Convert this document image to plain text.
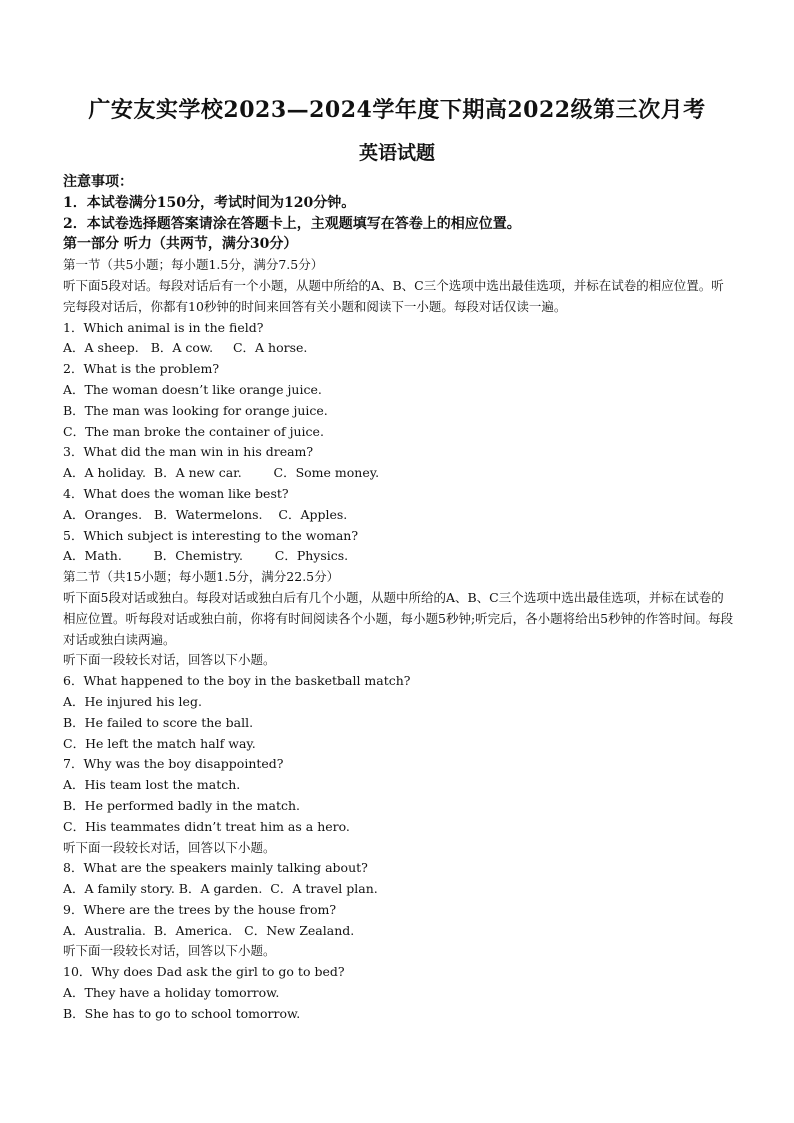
广安友实学校2023—2024学年度下期高2022级第三次月考
英语试题
注意事项：
1．本试卷满分150分，考试时间为120分钟。
2．本试卷选择题答案请涂在答题卡上，主观题填写在答卷上的相应位置。
第一部分 听力（共两节，满分30分）
第一节（共5小题；每小题1.5分，满分7.5分）
听下面5段对话。每段对话后有一个小题，从题中所给的A、B、C三个选项中选出最佳选项，并标在试卷的相应位置。听完每段对话后，你都有10秒钟的时间来回答有关小题和阅读下一小题。每段对话仅读一遍。
1．Which animal is in the field?
A．A sheep. B．A cow. C．A horse.
2．What is the problem?
A．The woman doesn’t like orange juice.
B．The man was looking for orange juice.
C．The man broke the container of juice.
3．What did the man win in his dream?
A．A holiday. B．A new car.	C．Some money.
4．What does the woman like best?
A．Oranges. B．Watermelons. C．Apples.
5．Which subject is interesting to the woman?
A．Math.	B．Chemistry.	C．Physics.
第二节（共15小题；每小题1.5分，满分22.5分）
听下面5段对话或独白。每段对话或独白后有几个小题，从题中所给的A、B、C三个选项中选出最佳选项，并标在试卷的相应位置。听每段对话或独白前，你将有时间阅读各个小题，每小题5秒钟;听完后，各小题将给出5秒钟的作答时间。每段对话或独白读两遍。
听下面一段较长对话，回答以下小题。
6．What happened to the boy in the basketball match?
A．He injured his leg.
B．He failed to score the ball.
C．He left the match half way.
7．Why was the boy disappointed?
A．His team lost the match.
B．He performed badly in the match.
C．His teammates didn’t treat him as a hero.
听下面一段较长对话，回答以下小题。
8．What are the speakers mainly talking about?
A．A family story. B．A garden. C．A travel plan.
9．Where are the trees by the house from?
A．Australia. B．America. C．New Zealand.
听下面一段较长对话，回答以下小题。
10．Why does Dad ask the girl to go to bed?
A．They have a holiday tomorrow.
B．She has to go to school tomorrow.
